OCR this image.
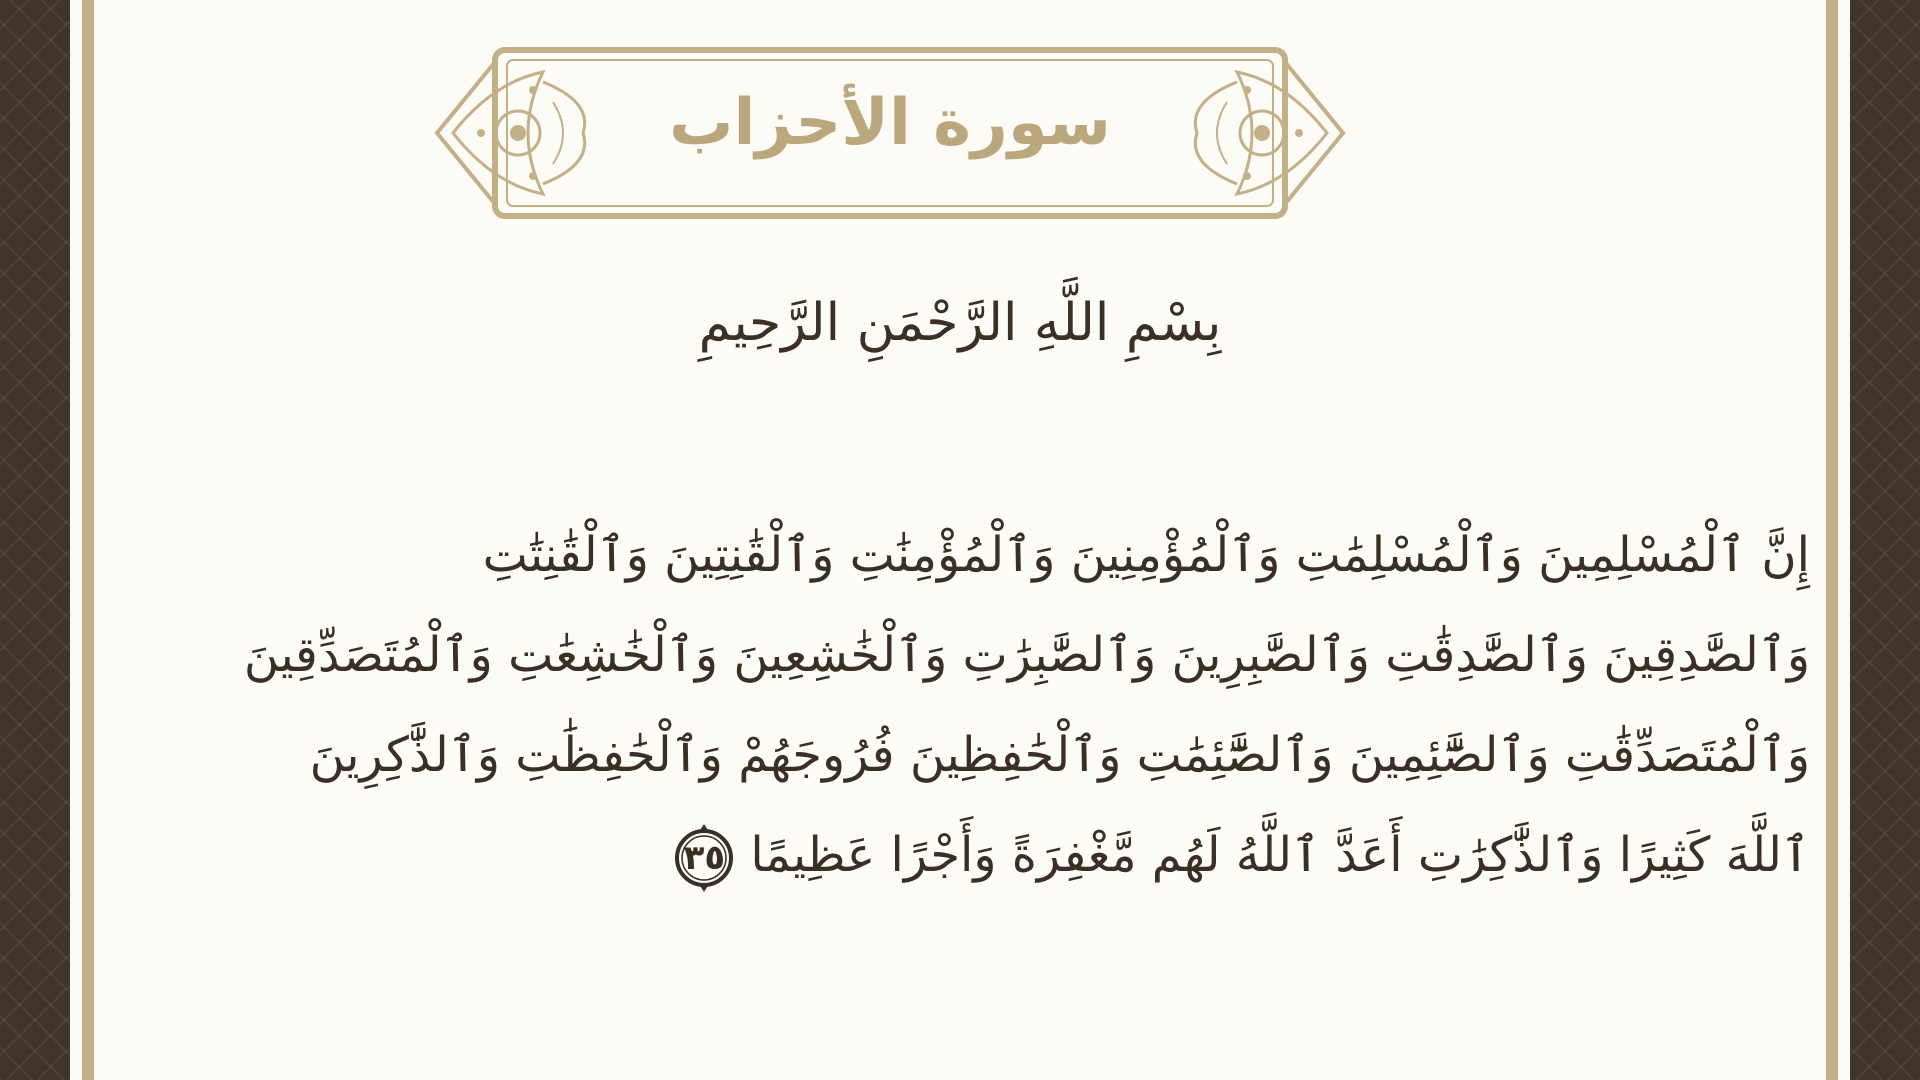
سورة الأحزاب
بِسْمِ اللَّهِ الرَّحْمَنِ الرَّحِيمِ
إِنَّ ٱلْمُسْلِمِينَ وَٱلْمُسْلِمَٰتِ وَٱلْمُؤْمِنِينَ وَٱلْمُؤْمِنَٰتِ وَٱلْقَٰنِتِينَ وَٱلْقَٰنِتَٰتِ
وَٱلصَّٰدِقِينَ وَٱلصَّٰدِقَٰتِ وَٱلصَّٰبِرِينَ وَٱلصَّٰبِرَٰتِ وَٱلْخَٰشِعِينَ وَٱلْخَٰشِعَٰتِ وَٱلْمُتَصَدِّقِينَ
وَٱلْمُتَصَدِّقَٰتِ وَٱلصَّٰٓئِمِينَ وَٱلصَّٰٓئِمَٰتِ وَٱلْحَٰفِظِينَ فُرُوجَهُمْ وَٱلْحَٰفِظَٰتِ وَٱلذَّٰكِرِينَ
ٱللَّهَ كَثِيرًا وَٱلذَّٰكِرَٰتِ أَعَدَّ ٱللَّهُ لَهُم مَّغْفِرَةً وَأَجْرًا عَظِيمًا
٣٥
